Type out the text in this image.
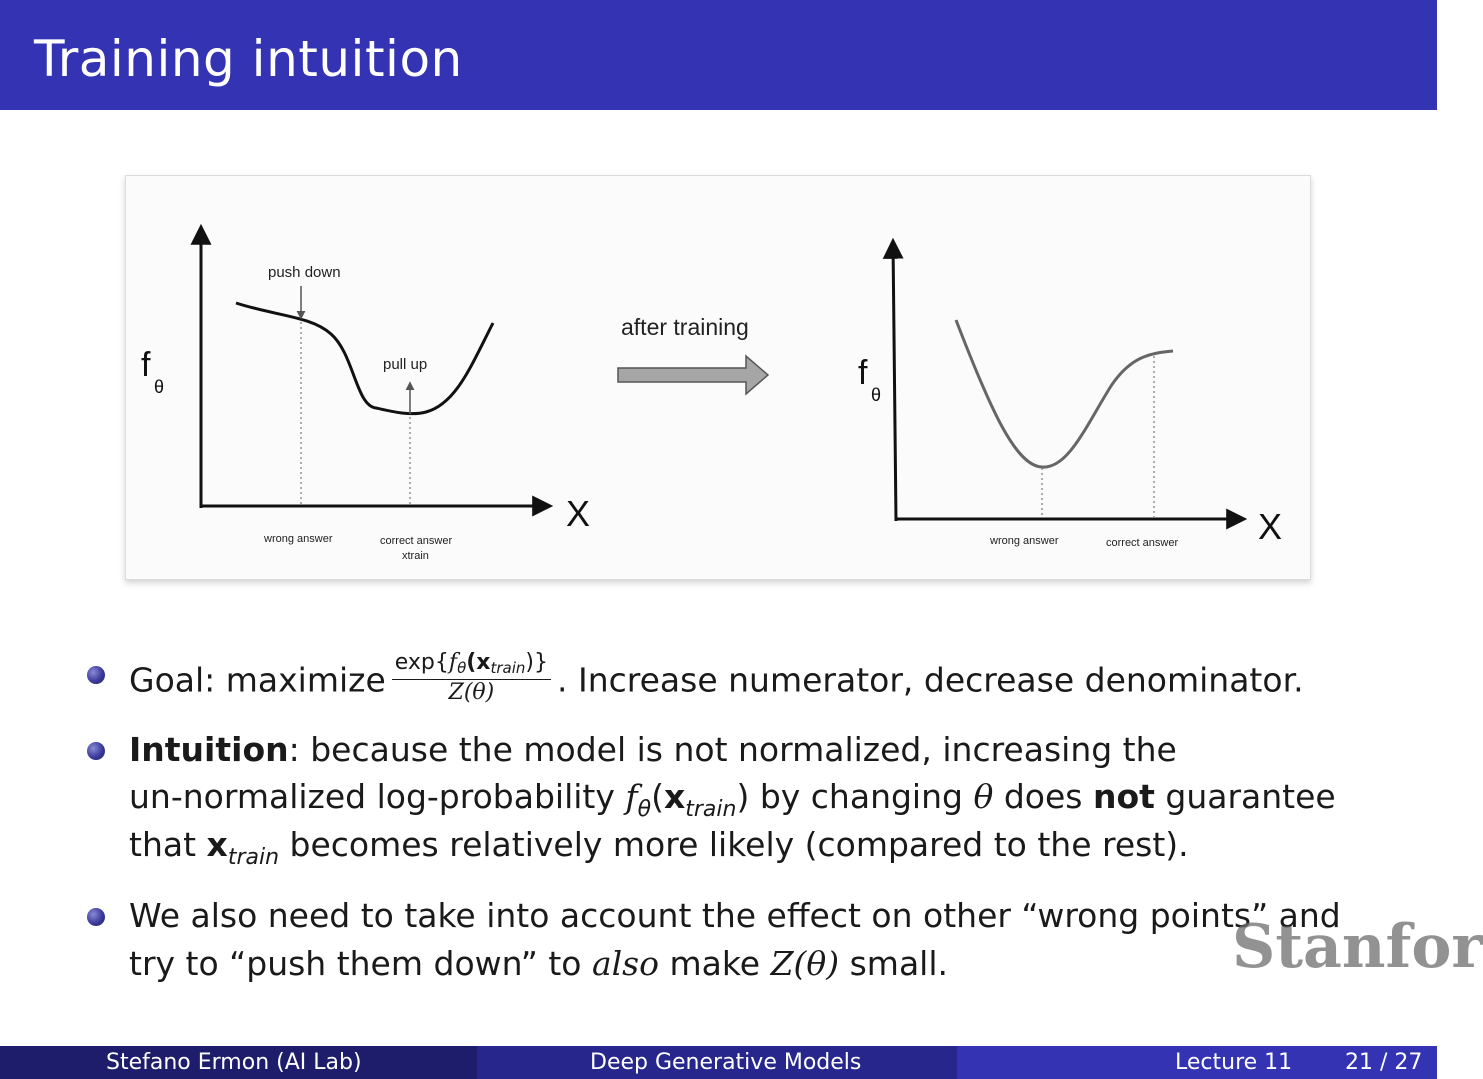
Training intuition
f
θ
X
push down
pull up
wrong answer	correct answer
xtrain
after training
f
θ
X
wrong answer	correct answer
Goal: maximize $\frac{\text{exp\{fθ(xtrain)\}}}{Z(\theta)}$ . Increase numerator, decrease denominator.
Intuition: because the model is not normalized, increasing the
un-normalized log-probability $f_\theta(x_{train})$ by changing θ does not guarantee
that $x_{train}$ becomes relatively more likely (compared to the rest).
We also need to take into account the effect on other “wrong points” and
try to “push them down” to also make Z(θ) small.	Stanfor
Stefano Ermon (AI Lab)	Deep Generative Models	Lecture 11 21 / 27
